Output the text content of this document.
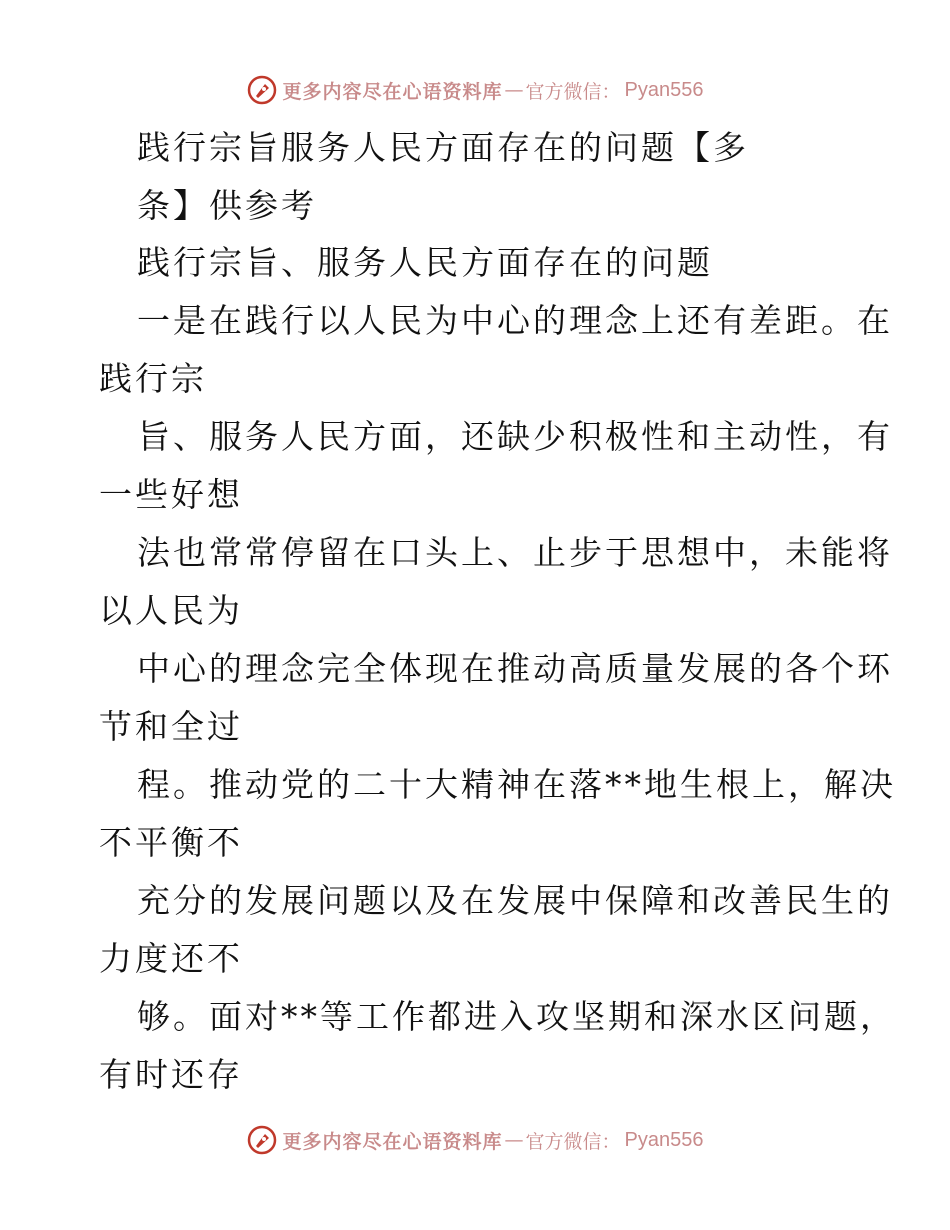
更多内容尽在心语资料库 — 官方微信： Pyan556
践行宗旨服务人民方面存在的问题【多
条】供参考
践行宗旨、服务人民方面存在的问题
一是在践行以人民为中心的理念上还有差距。在
践行宗
旨、服务人民方面，还缺少积极性和主动性，有
一些好想
法也常常停留在口头上、止步于思想中，未能将
以人民为
中心的理念完全体现在推动高质量发展的各个环
节和全过
程。推动党的二十大精神在落**地生根上，解决
不平衡不
充分的发展问题以及在发展中保障和改善民生的
力度还不
够。面对**等工作都进入攻坚期和深水区问题，
有时还存
更多内容尽在心语资料库 — 官方微信： Pyan556
